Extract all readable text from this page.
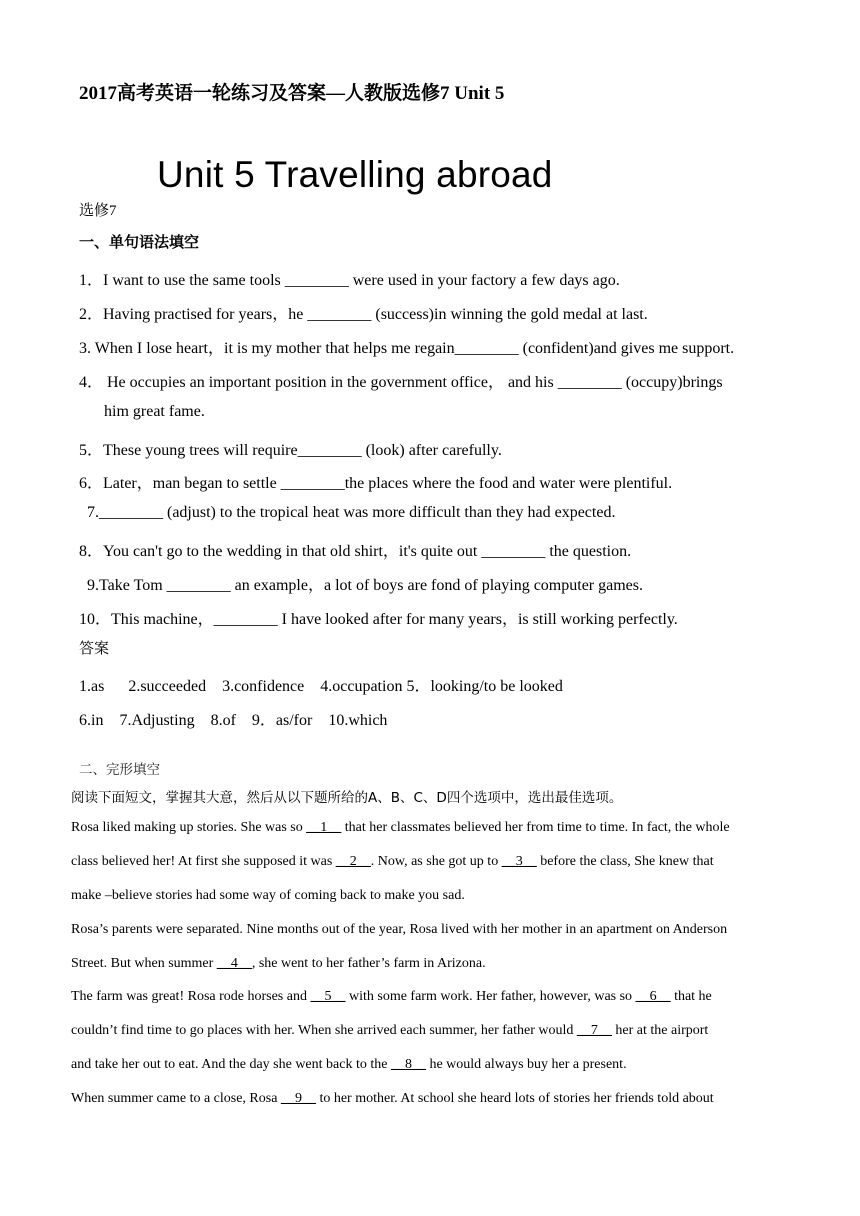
2017高考英语一轮练习及答案—人教版选修7 Unit 5
Unit 5 Travelling abroad
选修7
一、单句语法填空
1．I want to use the same tools ________ were used in your factory a few days ago.
2．Having practised for years，he ________ (success)in winning the gold medal at last.
3. When I lose heart，it is my mother that helps me regain________ (confident)and gives me support.
4． He occupies an important position in the government office， and his ________ (occupy)brings
him great fame.
5．These young trees will require________ (look) after carefully.
6．Later，man began to settle ________the places where the food and water were plentiful.
7.________ (adjust) to the tropical heat was more difficult than they had expected.
8．You can't go to the wedding in that old shirt，it's quite out ________ the question.
9.Take Tom ________ an example，a lot of boys are fond of playing computer games.
10．This machine，________ I have looked after for many years，is still working perfectly.
答案
1.as      2.succeeded    3.confidence    4.occupation 5．looking/to be looked
6.in    7.Adjusting    8.of    9．as/for    10.which
二、完形填空
阅读下面短文，掌握其大意，然后从以下题所给的A、B、C、D四个选项中，选出最佳选项。
Rosa liked making up stories. She was so __1__ that her classmates believed her from time to time. In fact, the whole
class believed her! At first she supposed it was __2__. Now, as she got up to __3__ before the class, She knew that
make –believe stories had some way of coming back to make you sad.
Rosa’s parents were separated. Nine months out of the year, Rosa lived with her mother in an apartment on Anderson
Street. But when summer __4__, she went to her father’s farm in Arizona.
The farm was great! Rosa rode horses and __5__ with some farm work. Her father, however, was so __6__ that he
couldn’t find time to go places with her. When she arrived each summer, her father would __7__ her at the airport
and take her out to eat. And the day she went back to the __8__ he would always buy her a present.
When summer came to a close, Rosa __9__ to her mother. At school she heard lots of stories her friends told about
